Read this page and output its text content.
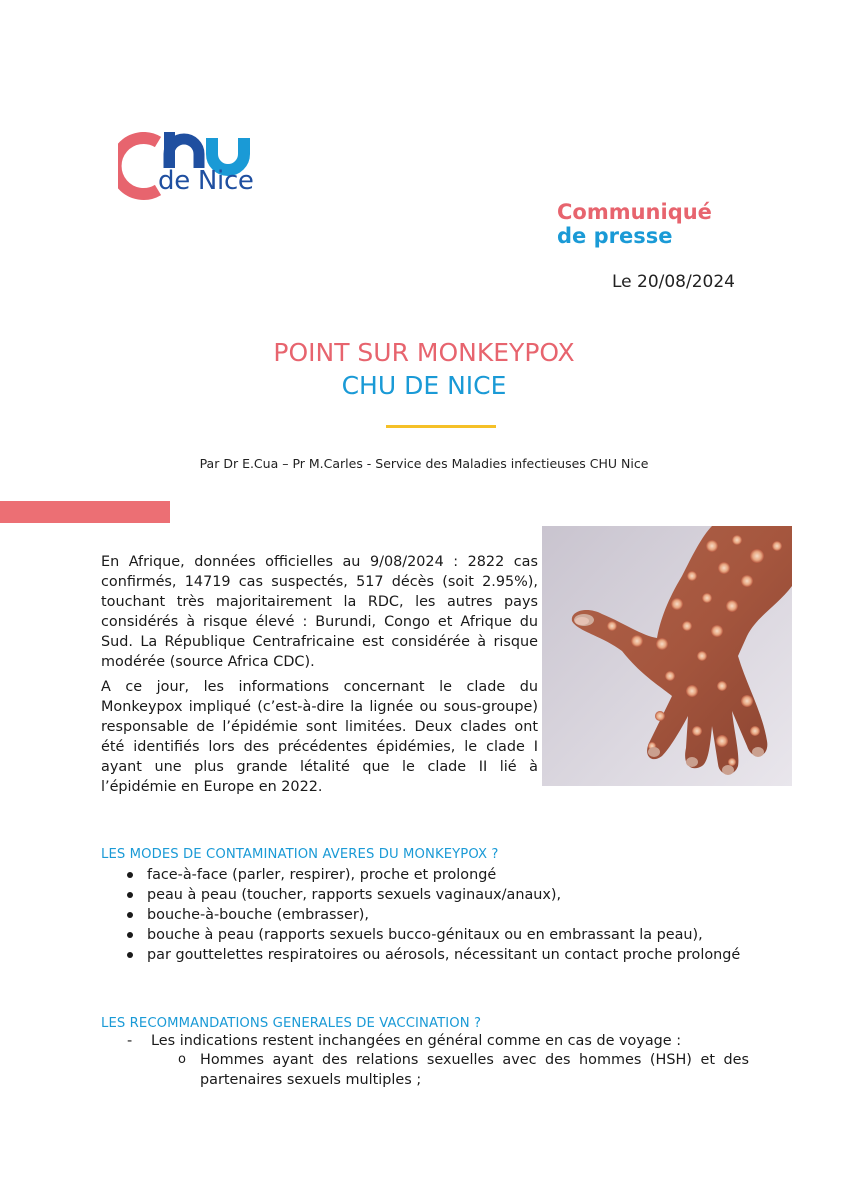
de Nice
Communiqué
de presse
Le 20/08/2024
POINT SUR MONKEYPOX
CHU DE NICE
Par Dr E.Cua – Pr M.Carles - Service des Maladies infectieuses CHU Nice
En Afrique, données officielles au 9/08/2024 : 2822 cas confirmés, 14719 cas suspectés, 517 décès (soit 2.95%), touchant très majoritairement la RDC, les autres pays considérés à risque élevé : Burundi, Congo et Afrique du Sud. La République Centrafricaine est considérée à risque modérée (source Africa CDC).
A ce jour, les informations concernant le clade du Monkeypox impliqué (c’est-à-dire la lignée ou sous-groupe) responsable de l’épidémie sont limitées. Deux clades ont été identifiés lors des précédentes épidémies, le clade I ayant une plus grande létalité que le clade II lié à l’épidémie en Europe en 2022.
LES MODES DE CONTAMINATION AVERES DU MONKEYPOX ?
face-à-face (parler, respirer), proche et prolongé
peau à peau (toucher, rapports sexuels vaginaux/anaux),
bouche-à-bouche (embrasser),
bouche à peau (rapports sexuels bucco-génitaux ou en embrassant la peau),
par gouttelettes respiratoires ou aérosols, nécessitant un contact proche prolongé
LES RECOMMANDATIONS GENERALES DE VACCINATION ?
- Les indications restent inchangées en général comme en cas de voyage :
o Hommes ayant des relations sexuelles avec des hommes (HSH) et des partenaires sexuels multiples ;
